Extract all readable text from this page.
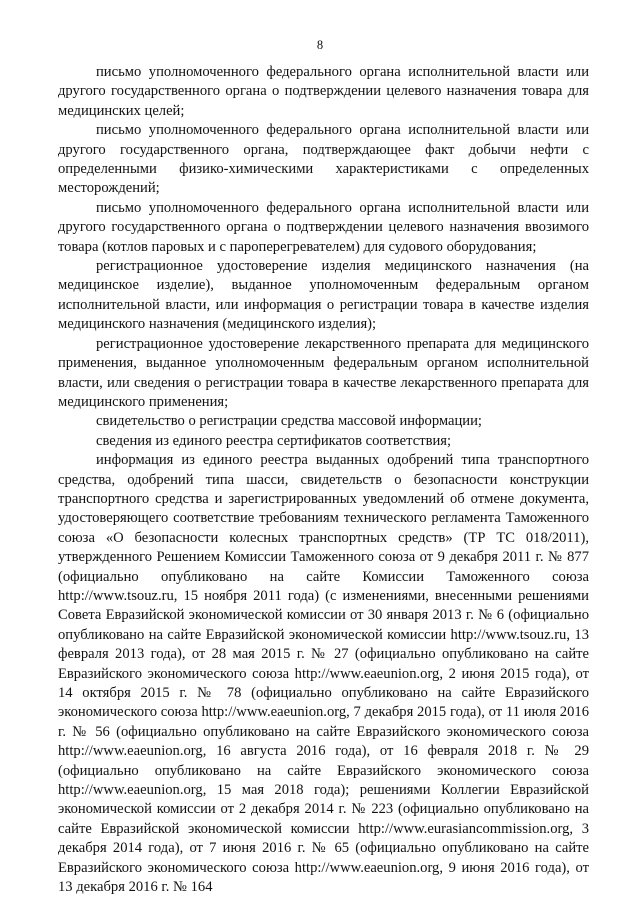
8

письмо уполномоченного федерального органа исполнительной власти или другого государственного органа о подтверждении целевого назначения товара для медицинских целей;

письмо уполномоченного федерального органа исполнительной власти или другого государственного органа, подтверждающее факт добычи нефти с определенными физико-химическими характеристиками с определенных месторождений;

письмо уполномоченного федерального органа исполнительной власти или другого государственного органа о подтверждении целевого назначения ввозимого товара (котлов паровых и с пароперегревателем) для судового оборудования;

регистрационное удостоверение изделия медицинского назначения (на медицинское изделие), выданное уполномоченным федеральным органом исполнительной власти, или информация о регистрации товара в качестве изделия медицинского назначения (медицинского изделия);

регистрационное удостоверение лекарственного препарата для медицинского применения, выданное уполномоченным федеральным органом исполнительной власти, или сведения о регистрации товара в качестве лекарственного препарата для медицинского применения;

свидетельство о регистрации средства массовой информации;

сведения из единого реестра сертификатов соответствия;

информация из единого реестра выданных одобрений типа транспортного средства, одобрений типа шасси, свидетельств о безопасности конструкции транспортного средства и зарегистрированных уведомлений об отмене документа, удостоверяющего соответствие требованиям технического регламента Таможенного союза «О безопасности колесных транспортных средств» (ТР ТС 018/2011), утвержденного Решением Комиссии Таможенного союза от 9 декабря 2011 г. № 877 (официально опубликовано на сайте Комиссии Таможенного союза http://www.tsouz.ru, 15 ноября 2011 года) (с изменениями, внесенными решениями Совета Евразийской экономической комиссии от 30 января 2013 г. № 6 (официально опубликовано на сайте Евразийской экономической комиссии http://www.tsouz.ru, 13 февраля 2013 года), от 28 мая 2015 г. № 27 (официально опубликовано на сайте Евразийского экономического союза http://www.eaeunion.org, 2 июня 2015 года), от 14 октября 2015 г. № 78 (официально опубликовано на сайте Евразийского экономического союза http://www.eaeunion.org, 7 декабря 2015 года), от 11 июля 2016 г. № 56 (официально опубликовано на сайте Евразийского экономического союза http://www.eaeunion.org, 16 августа 2016 года), от 16 февраля 2018 г. № 29 (официально опубликовано на сайте Евразийского экономического союза http://www.eaeunion.org, 15 мая 2018 года); решениями Коллегии Евразийской экономической комиссии от 2 декабря 2014 г. № 223 (официально опубликовано на сайте Евразийской экономической комиссии http://www.eurasiancommission.org, 3 декабря 2014 года), от 7 июня 2016 г. № 65 (официально опубликовано на сайте Евразийского экономического союза http://www.eaeunion.org, 9 июня 2016 года), от 13 декабря 2016 г. № 164
